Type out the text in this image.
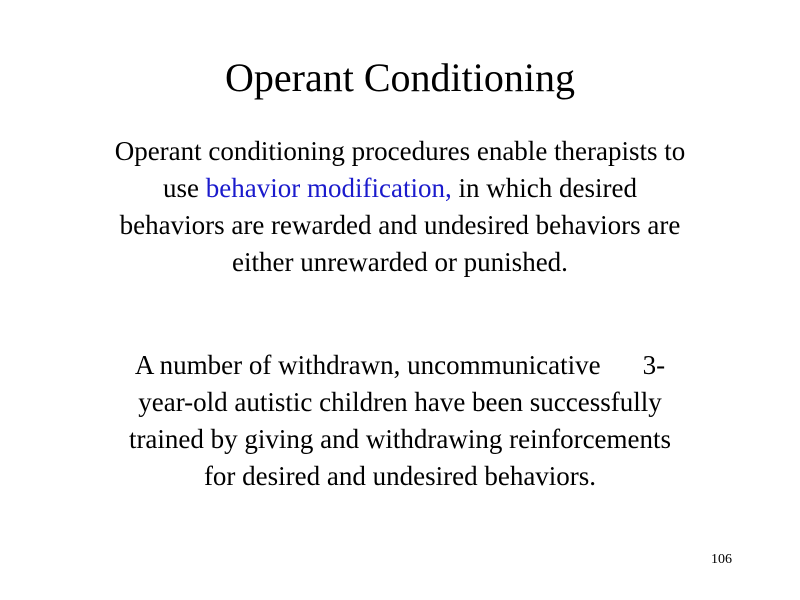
Operant Conditioning

Operant conditioning procedures enable therapists to
use behavior modification, in which desired
behaviors are rewarded and undesired behaviors are
either unrewarded or punished.

A number of withdrawn, uncommunicative 3-
year-old autistic children have been successfully
trained by giving and withdrawing reinforcements
for desired and undesired behaviors.

106
